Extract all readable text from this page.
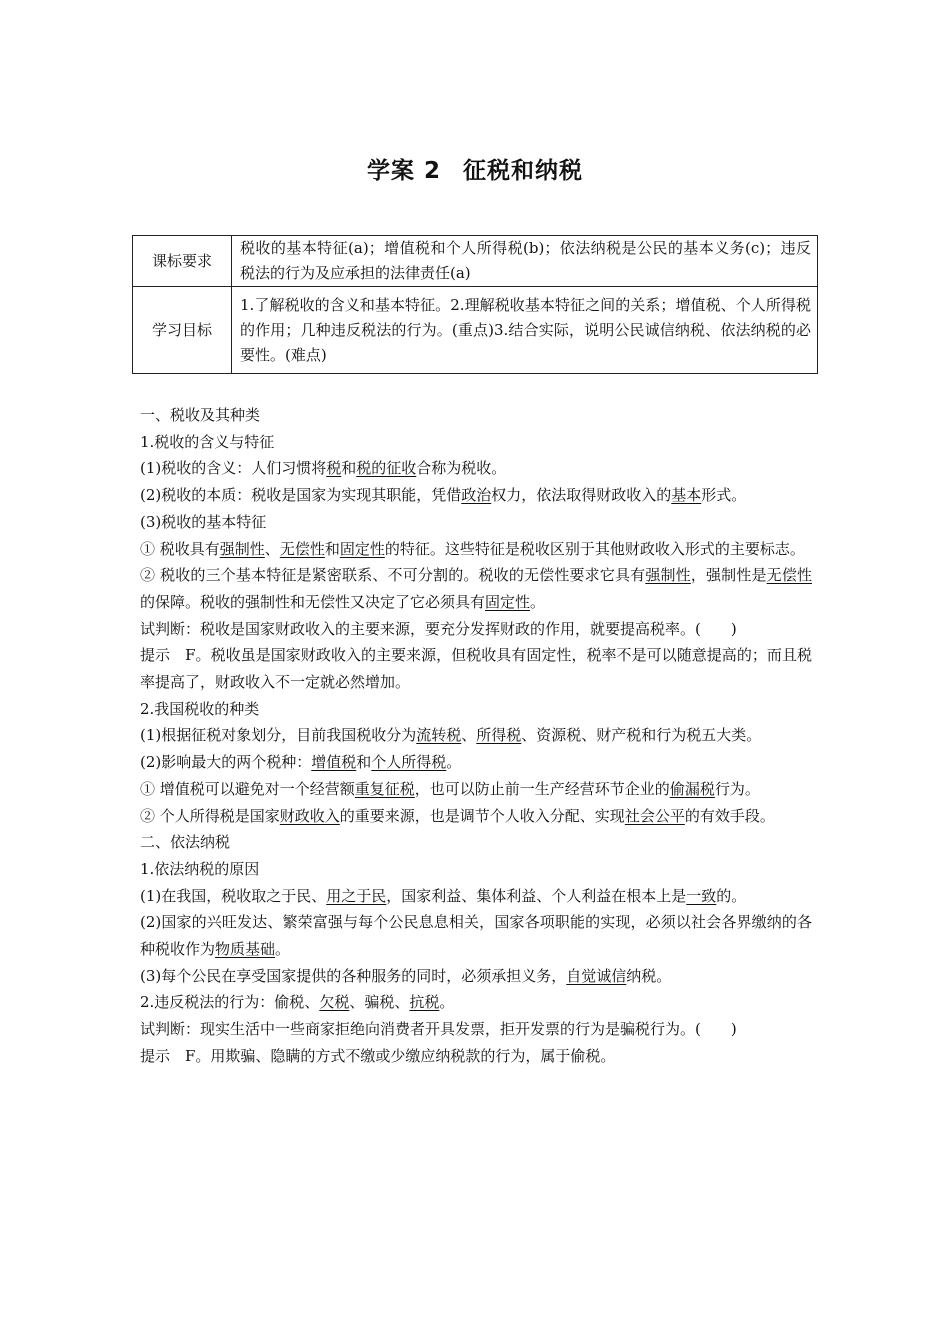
学案 2 征税和纳税
课标要求	税收的基本特征(a)；增值税和个人所得税(b)；依法纳税是公民的基本义务(c)；违反税法的行为及应承担的法律责任(a)
学习目标	1.了解税收的含义和基本特征。2.理解税收基本特征之间的关系；增值税、个人所得税的作用；几种违反税法的行为。(重点)3.结合实际，说明公民诚信纳税、依法纳税的必要性。(难点)

一、税收及其种类

1.税收的含义与特征

(1)税收的含义：人们习惯将税和税的征收合称为税收。

(2)税收的本质：税收是国家为实现其职能，凭借政治权力，依法取得财政收入的基本形式。

(3)税收的基本特征

① 税收具有强制性、无偿性和固定性的特征。这些特征是税收区别于其他财政收入形式的主要标志。

② 税收的三个基本特征是紧密联系、不可分割的。税收的无偿性要求它具有强制性，强制性是无偿性的保障。税收的强制性和无偿性又决定了它必须具有固定性。

试判断：税收是国家财政收入的主要来源，要充分发挥财政的作用，就要提高税率。( )

提示　F。税收虽是国家财政收入的主要来源，但税收具有固定性，税率不是可以随意提高的；而且税率提高了，财政收入不一定就必然增加。

2.我国税收的种类

(1)根据征税对象划分，目前我国税收分为流转税、所得税、资源税、财产税和行为税五大类。

(2)影响最大的两个税种：增值税和个人所得税。

① 增值税可以避免对一个经营额重复征税，也可以防止前一生产经营环节企业的偷漏税行为。

② 个人所得税是国家财政收入的重要来源，也是调节个人收入分配、实现社会公平的有效手段。

二、依法纳税

1.依法纳税的原因

(1)在我国，税收取之于民、用之于民，国家利益、集体利益、个人利益在根本上是一致的。

(2)国家的兴旺发达、繁荣富强与每个公民息息相关，国家各项职能的实现，必须以社会各界缴纳的各种税收作为物质基础。

(3)每个公民在享受国家提供的各种服务的同时，必须承担义务，自觉诚信纳税。

2.违反税法的行为：偷税、欠税、骗税、抗税。

试判断：现实生活中一些商家拒绝向消费者开具发票，拒开发票的行为是骗税行为。( )

提示　F。用欺骗、隐瞒的方式不缴或少缴应纳税款的行为，属于偷税。
